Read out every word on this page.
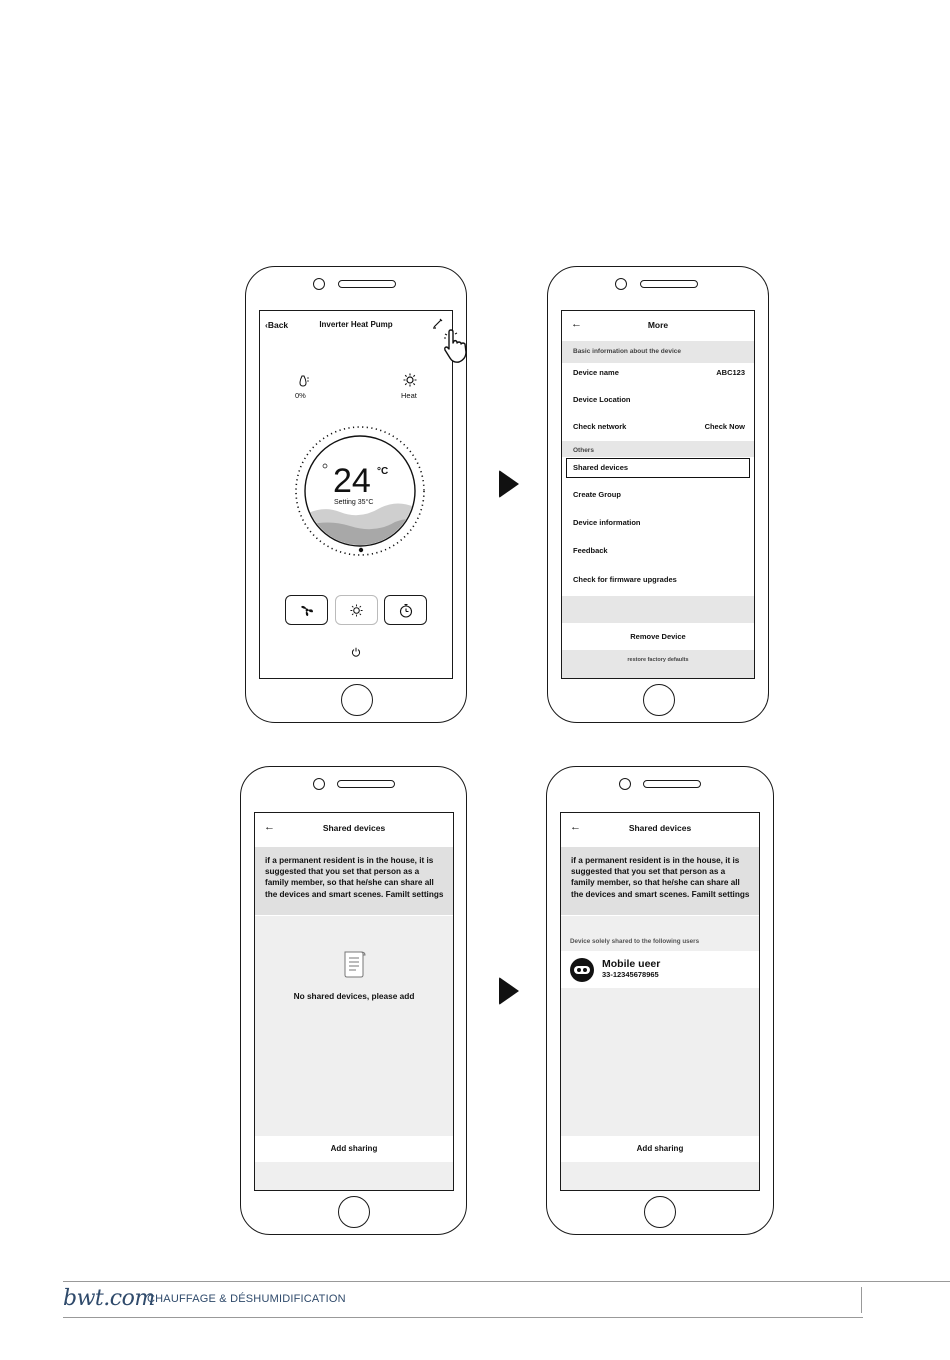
‹Back	Inverter Heat Pump
0%	Heat
24 °C
Setting 35°C
←	More
Basic information about the device
Device name	ABC123
Device Location
Check network	Check Now
Others
Shared devices
Create Group
Device information
Feedback
Check for firmware upgrades
Remove Device
restore factory defaults
←	Shared devices
if a permanent resident is in the house, it is suggested that you set that person as a family member, so that he/she can share all the devices and smart scenes. Familt settings
No shared devices, please add
Add sharing
←	Shared devices
if a permanent resident is in the house, it is suggested that you set that person as a family member, so that he/she can share all the devices and smart scenes. Familt settings
Device solely shared to the following users
Mobile ueer
33-12345678965
Add sharing
bwt.com
CHAUFFAGE & DÉSHUMIDIFICATION
